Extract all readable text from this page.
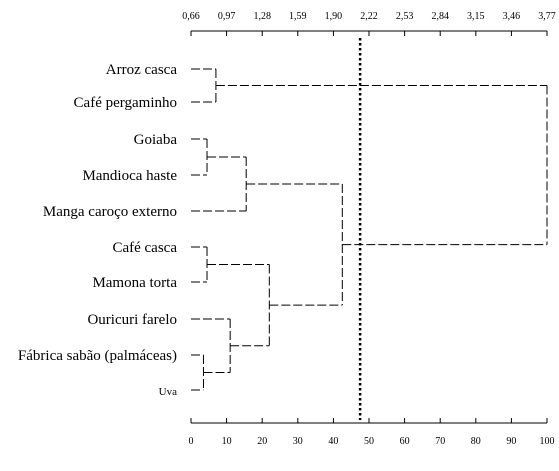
0,66 0,97 1,28 1,59 1,90 2,22 2,53 2,84 3,15 3,46 3,77
0	10	20	30	40	50	60	70	80	90 100
Arroz casca
Café pergaminho
Goiaba
Mandioca haste
Manga caroço externo
Café casca
Mamona torta
Ouricuri farelo
Fábrica sabão (palmáceas)
Uva
